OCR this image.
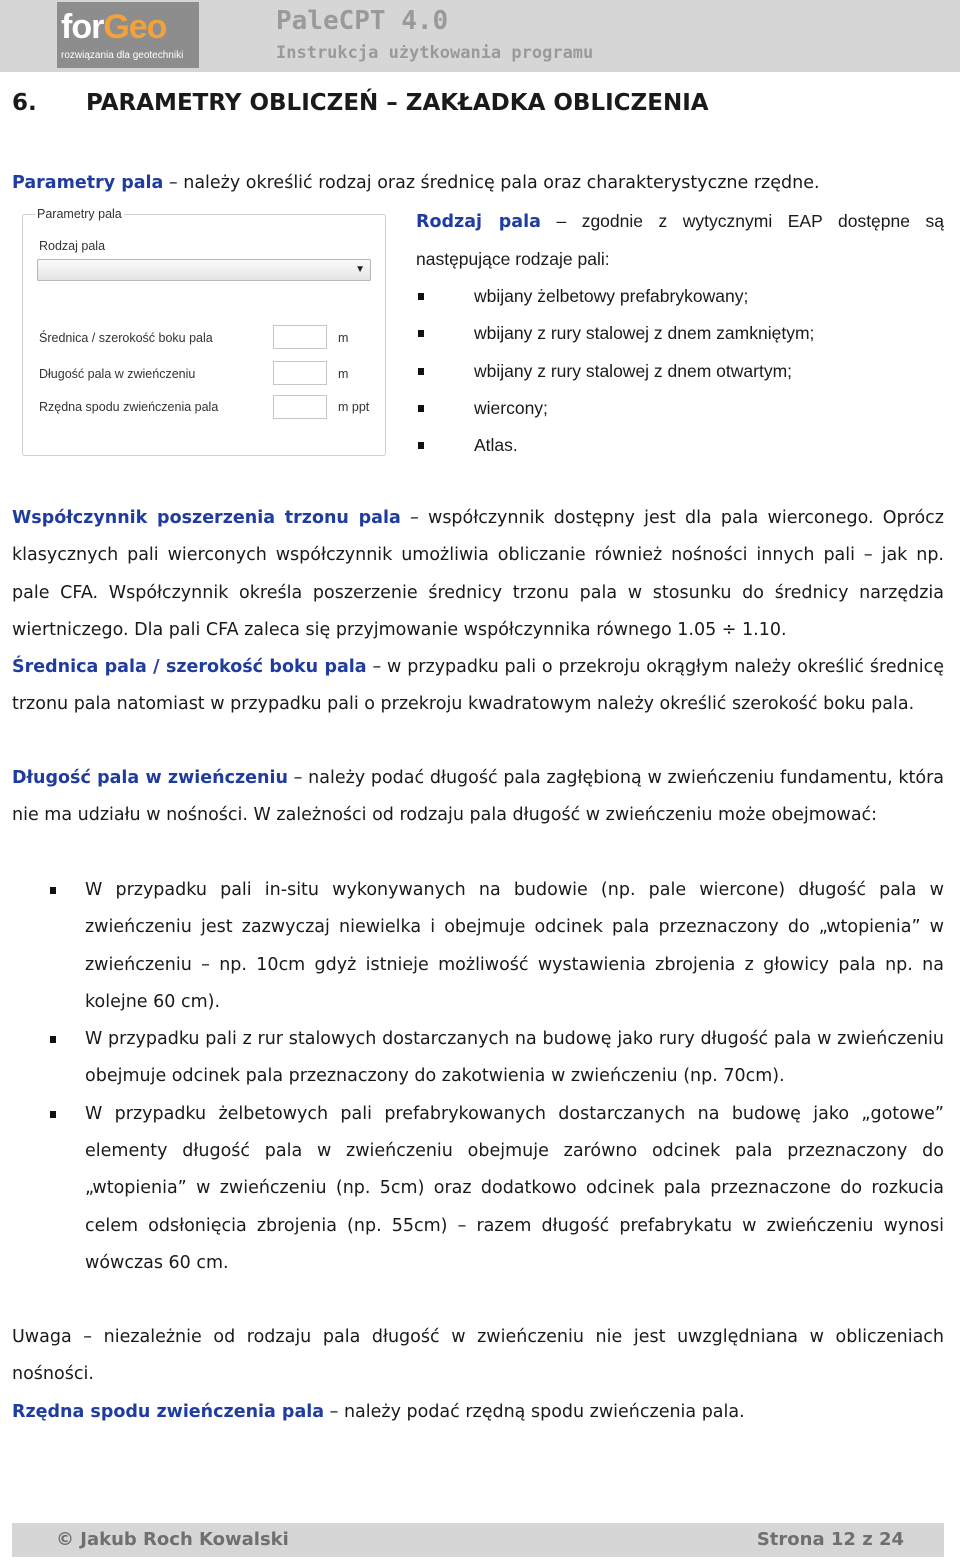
forGeo
rozwiązania dla geotechniki
PaleCPT 4.0
Instrukcja użytkowania programu
6. PARAMETRY OBLICZEŃ – ZAKŁADKA OBLICZENIA
Parametry pala – należy określić rodzaj oraz średnicę pala oraz charakterystyczne rzędne.
Parametry pala
Rodzaj pala
▼
Średnica / szerokość boku pala	m
Długość pala w zwieńczeniu	m
Rzędna spodu zwieńczenia pala	m ppt
Rodzaj pala – zgodnie z wytycznymi EAP dostępne są następujące rodzaje pali:
wbijany żelbetowy prefabrykowany;
wbijany z rury stalowej z dnem zamkniętym;
wbijany z rury stalowej z dnem otwartym;
wiercony;
Atlas.
Współczynnik poszerzenia trzonu pala – współczynnik dostępny jest dla pala wierconego. Oprócz klasycznych pali wierconych współczynnik umożliwia obliczanie również nośności innych pali – jak np. pale CFA. Współczynnik określa poszerzenie średnicy trzonu pala w stosunku do średnicy narzędzia wiertniczego. Dla pali CFA zaleca się przyjmowanie współczynnika równego 1.05 ÷ 1.10.
Średnica pala / szerokość boku pala – w przypadku pali o przekroju okrągłym należy określić średnicę trzonu pala natomiast w przypadku pali o przekroju kwadratowym należy określić szerokość boku pala.
Długość pala w zwieńczeniu – należy podać długość pala zagłębioną w zwieńczeniu fundamentu, która nie ma udziału w nośności. W zależności od rodzaju pala długość w zwieńczeniu może obejmować:
W przypadku pali in-situ wykonywanych na budowie (np. pale wiercone) długość pala w zwieńczeniu jest zazwyczaj niewielka i obejmuje odcinek pala przeznaczony do „wtopienia” w zwieńczeniu – np. 10cm gdyż istnieje możliwość wystawienia zbrojenia z głowicy pala np. na kolejne 60 cm).
W przypadku pali z rur stalowych dostarczanych na budowę jako rury długość pala w zwieńczeniu obejmuje odcinek pala przeznaczony do zakotwienia w zwieńczeniu (np. 70cm).
W przypadku żelbetowych pali prefabrykowanych dostarczanych na budowę jako „gotowe” elementy długość pala w zwieńczeniu obejmuje zarówno odcinek pala przeznaczony do „wtopienia” w zwieńczeniu (np. 5cm) oraz dodatkowo odcinek pala przeznaczone do rozkucia celem odsłonięcia zbrojenia (np. 55cm) – razem długość prefabrykatu w zwieńczeniu wynosi wówczas 60 cm.
Uwaga – niezależnie od rodzaju pala długość w zwieńczeniu nie jest uwzględniana w obliczeniach nośności.
Rzędna spodu zwieńczenia pala – należy podać rzędną spodu zwieńczenia pala.
© Jakub Roch Kowalski	Strona 12 z 24
